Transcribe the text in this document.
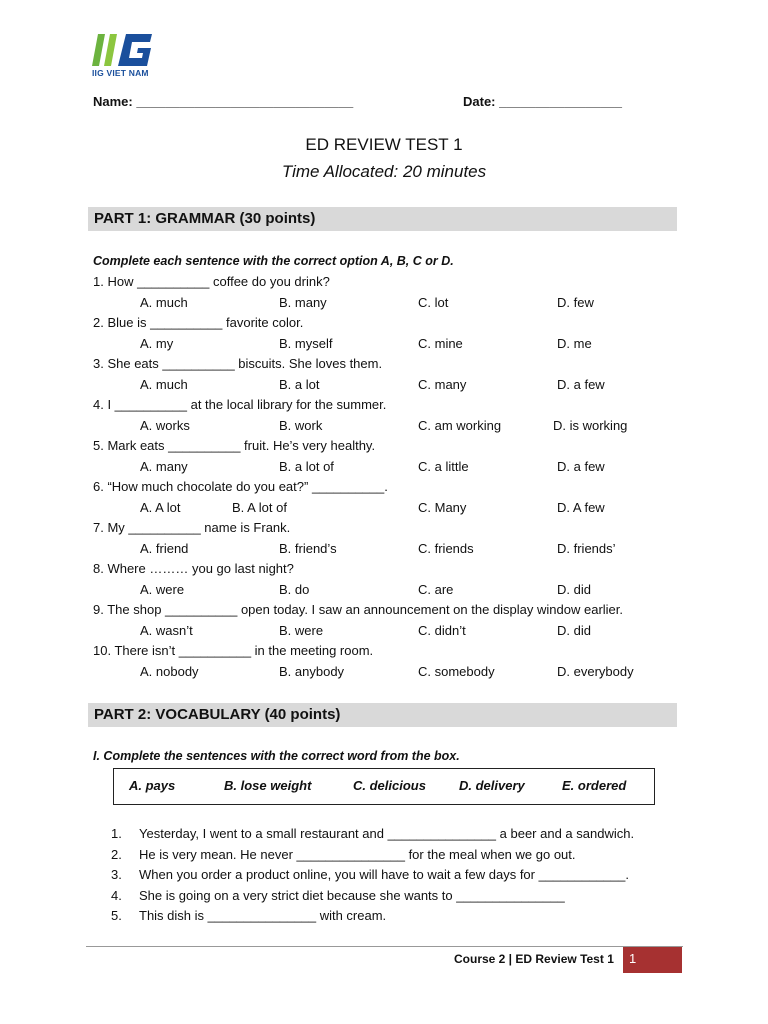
IIG VIET NAM
Name: ______________________________	Date: _________________
ED REVIEW TEST 1
Time Allocated: 20 minutes
PART 1: GRAMMAR (30 points)
Complete each sentence with the correct option A, B, C or D.
1. How __________ coffee do you drink?
A. much	B. many	C. lot	D. few
2. Blue is __________ favorite color.
A. my	B. myself	C. mine	D. me
3. She eats __________ biscuits. She loves them.
A. much	B. a lot	C. many	D. a few
4. I __________ at the local library for the summer.
A. works	B. work	C. am working	D. is working
5. Mark eats __________ fruit. He’s very healthy.
A. many	B. a lot of	C. a little	D. a few
6. “How much chocolate do you eat?” __________.
A. A lot	B. A lot of	C. Many	D. A few
7. My __________ name is Frank.
A. friend	B. friend’s	C. friends	D. friends’
8. Where ……… you go last night?
A. were	B. do	C. are	D. did
9. The shop __________ open today. I saw an announcement on the display window earlier.
A. wasn’t	B. were	C. didn’t	D. did
10. There isn’t __________ in the meeting room.
A. nobody	B. anybody	C. somebody	D. everybody
PART 2: VOCABULARY (40 points)
I. Complete the sentences with the correct word from the box.
A. pays	B. lose weight	C. delicious	D. delivery	E. ordered
1. Yesterday, I went to a small restaurant and _______________ a beer and a sandwich.
2. He is very mean. He never _______________ for the meal when we go out.
3. When you order a product online, you will have to wait a few days for ____________.
4. She is going on a very strict diet because she wants to _______________
5. This dish is _______________ with cream.
Course 2 | ED Review Test 1	1
